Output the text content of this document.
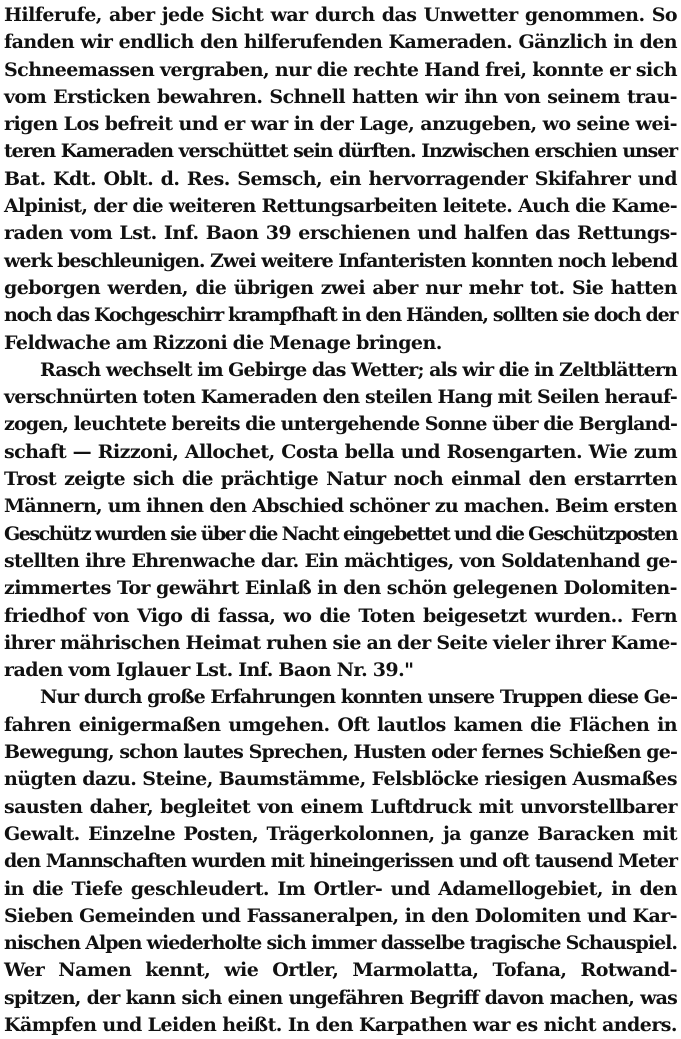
Hilferufe, aber jede Sicht war durch das Unwetter genommen. So
fanden wir endlich den hilferufenden Kameraden. Gänzlich in den
Schneemassen vergraben, nur die rechte Hand frei, konnte er sich
vom Ersticken bewahren. Schnell hatten wir ihn von seinem trau-
rigen Los befreit und er war in der Lage, anzugeben, wo seine wei-
teren Kameraden verschüttet sein dürften. Inzwischen erschien unser
Bat. Kdt. Oblt. d. Res. Semsch, ein hervorragender Skifahrer und
Alpinist, der die weiteren Rettungsarbeiten leitete. Auch die Kame-
raden vom Lst. Inf. Baon 39 erschienen und halfen das Rettungs-
werk beschleunigen. Zwei weitere Infanteristen konnten noch lebend
geborgen werden, die übrigen zwei aber nur mehr tot. Sie hatten
noch das Kochgeschirr krampfhaft in den Händen, sollten sie doch der
Feldwache am Rizzoni die Menage bringen.
Rasch wechselt im Gebirge das Wetter; als wir die in Zeltblättern
verschnürten toten Kameraden den steilen Hang mit Seilen herauf-
zogen, leuchtete bereits die untergehende Sonne über die Bergland-
schaft — Rizzoni, Allochet, Costa bella und Rosengarten. Wie zum
Trost zeigte sich die prächtige Natur noch einmal den erstarrten
Männern, um ihnen den Abschied schöner zu machen. Beim ersten
Geschütz wurden sie über die Nacht eingebettet und die Geschützposten
stellten ihre Ehrenwache dar. Ein mächtiges, von Soldatenhand ge-
zimmertes Tor gewährt Einlaß in den schön gelegenen Dolomiten-
friedhof von Vigo di fassa, wo die Toten beigesetzt wurden.. Fern
ihrer mährischen Heimat ruhen sie an der Seite vieler ihrer Kame-
raden vom Iglauer Lst. Inf. Baon Nr. 39."
Nur durch große Erfahrungen konnten unsere Truppen diese Ge-
fahren einigermaßen umgehen. Oft lautlos kamen die Flächen in
Bewegung, schon lautes Sprechen, Husten oder fernes Schießen ge-
nügten dazu. Steine, Baumstämme, Felsblöcke riesigen Ausmaßes
sausten daher, begleitet von einem Luftdruck mit unvorstellbarer
Gewalt. Einzelne Posten, Trägerkolonnen, ja ganze Baracken mit
den Mannschaften wurden mit hineingerissen und oft tausend Meter
in die Tiefe geschleudert. Im Ortler- und Adamellogebiet, in den
Sieben Gemeinden und Fassaneralpen, in den Dolomiten und Kar-
nischen Alpen wiederholte sich immer dasselbe tragische Schauspiel.
Wer Namen kennt, wie Ortler, Marmolatta, Tofana, Rotwand-
spitzen, der kann sich einen ungefähren Begriff davon machen, was
Kämpfen und Leiden heißt. In den Karpathen war es nicht anders.
